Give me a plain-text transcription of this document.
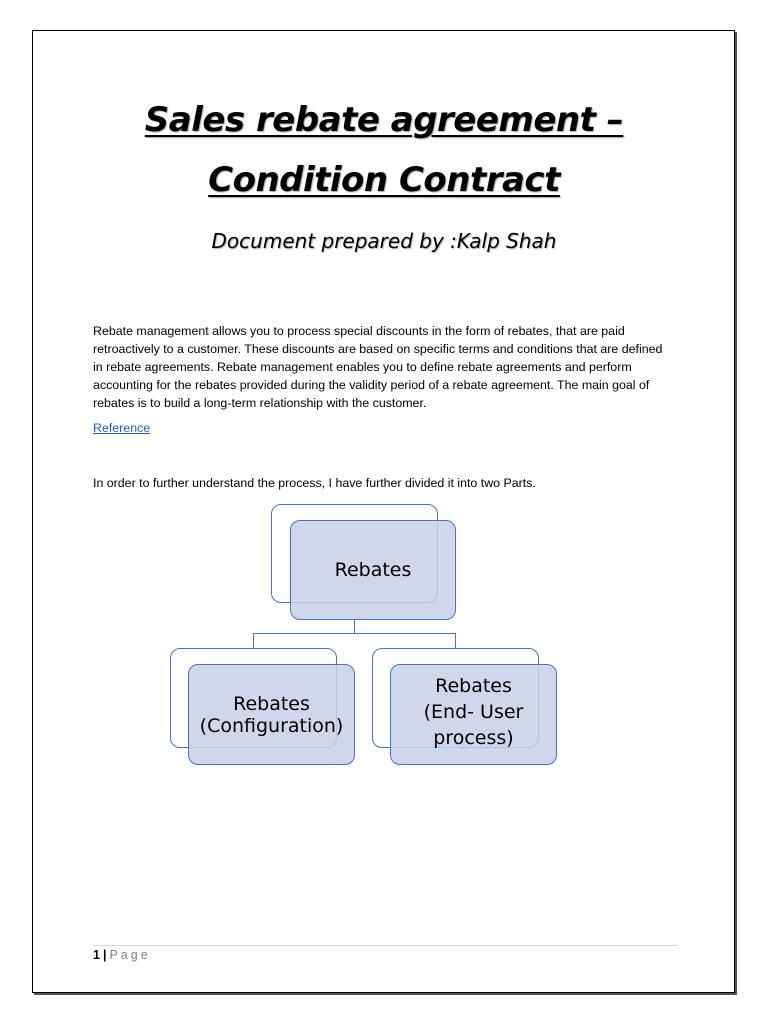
Sales rebate agreement –
Condition Contract
Document prepared by :Kalp Shah

Rebate management allows you to process special discounts in the form of rebates, that are paid retroactively to a customer. These discounts are based on specific terms and conditions that are defined in rebate agreements. Rebate management enables you to define rebate agreements and perform accounting for the rebates provided during the validity period of a rebate agreement. The main goal of rebates is to build a long-term relationship with the customer.

Reference

In order to further understand the process, I have further divided it into two Parts.

Rebates
Rebates (Configuration)
Rebates (End- User process)
1 | Page
